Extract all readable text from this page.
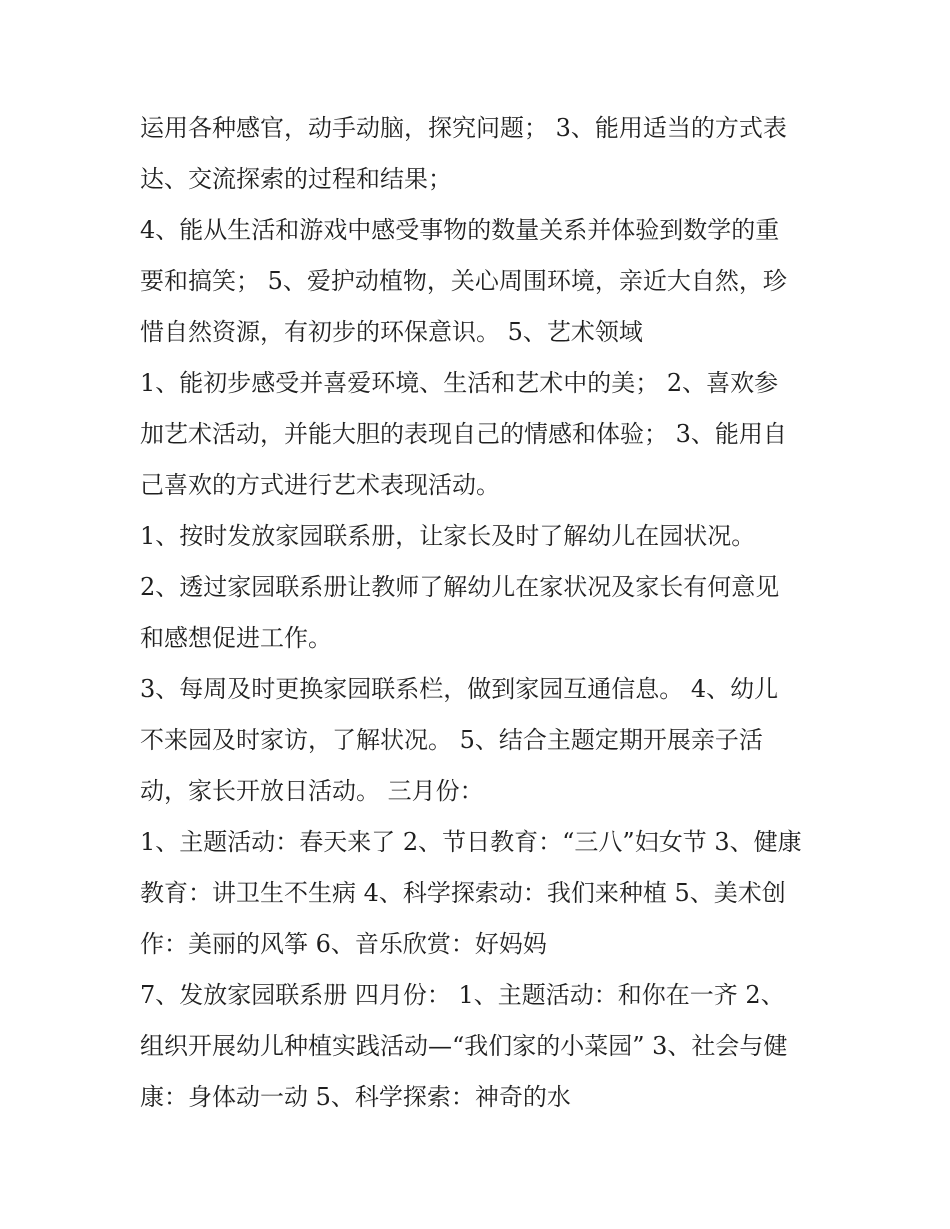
运用各种感官，动手动脑，探究问题； 3、能用适当的方式表
达、交流探索的过程和结果；
4、能从生活和游戏中感受事物的数量关系并体验到数学的重
要和搞笑； 5、爱护动植物，关心周围环境，亲近大自然，珍
惜自然资源，有初步的环保意识。 5、艺术领域
1、能初步感受并喜爱环境、生活和艺术中的美； 2、喜欢参
加艺术活动，并能大胆的表现自己的情感和体验； 3、能用自
己喜欢的方式进行艺术表现活动。
1、按时发放家园联系册，让家长及时了解幼儿在园状况。
2、透过家园联系册让教师了解幼儿在家状况及家长有何意见
和感想促进工作。
3、每周及时更换家园联系栏，做到家园互通信息。 4、幼儿
不来园及时家访，了解状况。 5、结合主题定期开展亲子活
动，家长开放日活动。 三月份：
1、主题活动：春天来了 2、节日教育：“三八”妇女节 3、健康
教育：讲卫生不生病 4、科学探索动：我们来种植 5、美术创
作：美丽的风筝 6、音乐欣赏：好妈妈
7、发放家园联系册 四月份： 1、主题活动：和你在一齐 2、
组织开展幼儿种植实践活动—“我们家的小菜园” 3、社会与健
康：身体动一动 5、科学探索：神奇的水
